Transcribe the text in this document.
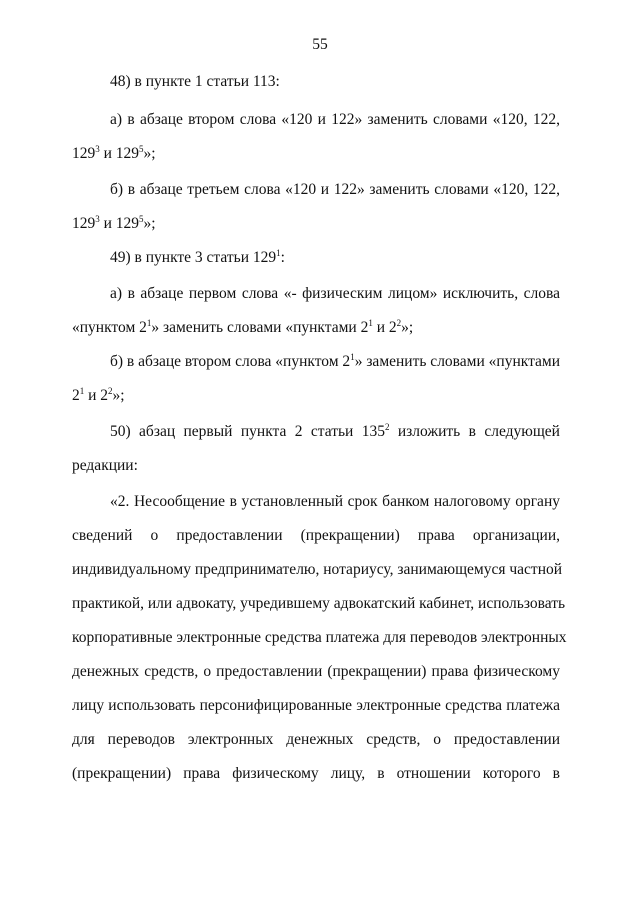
55
48) в пункте 1 статьи 113:
а) в абзаце втором слова «120 и 122» заменить словами «120, 122,
$129^3$ и $129^5$»;
б) в абзаце третьем слова «120 и 122» заменить словами «120, 122,
$129^3$ и $129^5$»;
49) в пункте 3 статьи $129^1$:
а) в абзаце первом слова «- физическим лицом» исключить, слова
«пунктом $2^1$» заменить словами «пунктами $2^1$ и $2^2$»;
б) в абзаце втором слова «пунктом $2^1$» заменить словами «пунктами
$2^1$ и $2^2$»;
50) абзац первый пункта 2 статьи $135^2$ изложить в следующей
редакции:
«2. Несообщение в установленный срок банком налоговому органу
сведений о предоставлении (прекращении) права организации,
индивидуальному предпринимателю, нотариусу, занимающемуся частной
практикой, или адвокату, учредившему адвокатский кабинет, использовать
корпоративные электронные средства платежа для переводов электронных
денежных средств, о предоставлении (прекращении) права физическому
лицу использовать персонифицированные электронные средства платежа
для переводов электронных денежных средств, о предоставлении
(прекращении) права физическому лицу, в отношении которого в
